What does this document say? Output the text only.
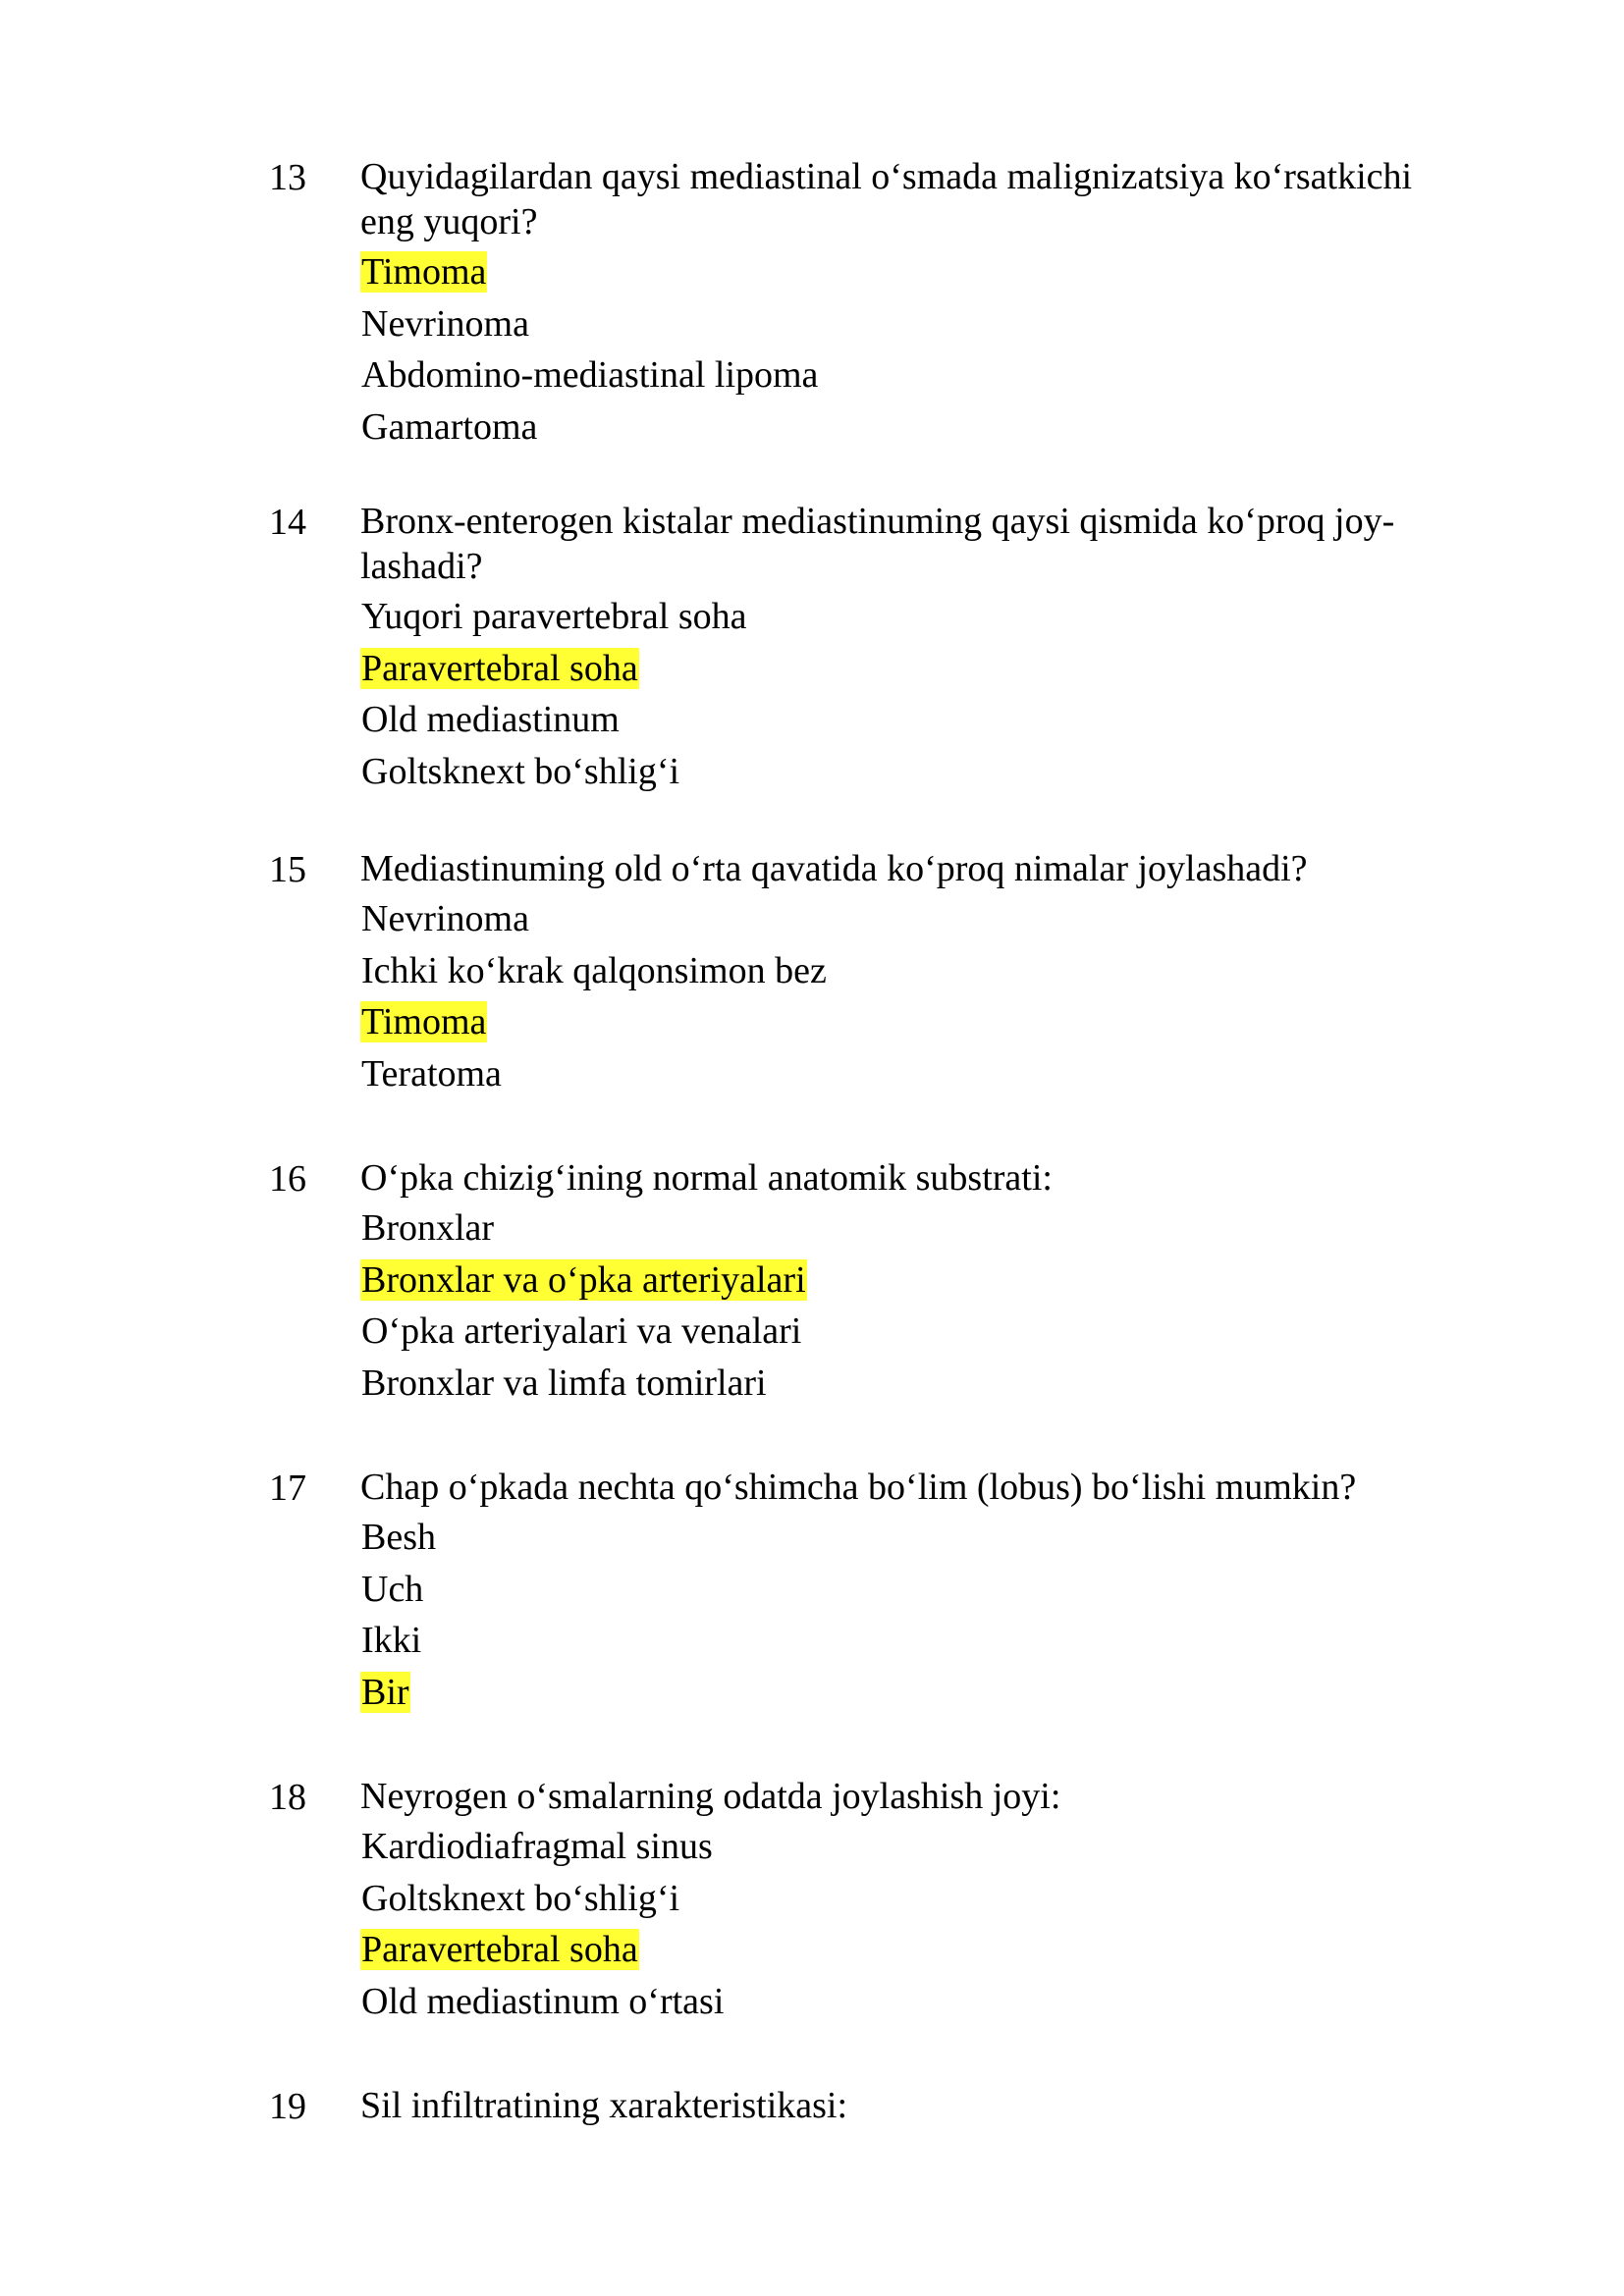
13 Quyidagilardan qaysi mediastinal o‘smada malignizatsiya ko‘rsatkichi eng yuqori?
Timoma
Nevrinoma
Abdomino-mediastinal lipoma
Gamartoma
14 Bronx-enterogen kistalar mediastinuming qaysi qismida ko‘proq joy-lashadi?
Yuqori paravertebral soha
Paravertebral soha
Old mediastinum
Goltsknext bo‘shlig‘i
15 Mediastinuming old o‘rta qavatida ko‘proq nimalar joylashadi?
Nevrinoma
Ichki ko‘krak qalqonsimon bez
Timoma
Teratoma
16 O‘pka chizig‘ining normal anatomik substrati:
Bronxlar
Bronxlar va o‘pka arteriyalari
O‘pka arteriyalari va venalari
Bronxlar va limfa tomirlari
17 Chap o‘pkada nechta qo‘shimcha bo‘lim (lobus) bo‘lishi mumkin?
Besh
Uch
Ikki
Bir
18 Neyrogen o‘smalarning odatda joylashish joyi:
Kardiodiafragmal sinus
Goltsknext bo‘shlig‘i
Paravertebral soha
Old mediastinum o‘rtasi
19 Sil infiltratining xarakteristikasi:
